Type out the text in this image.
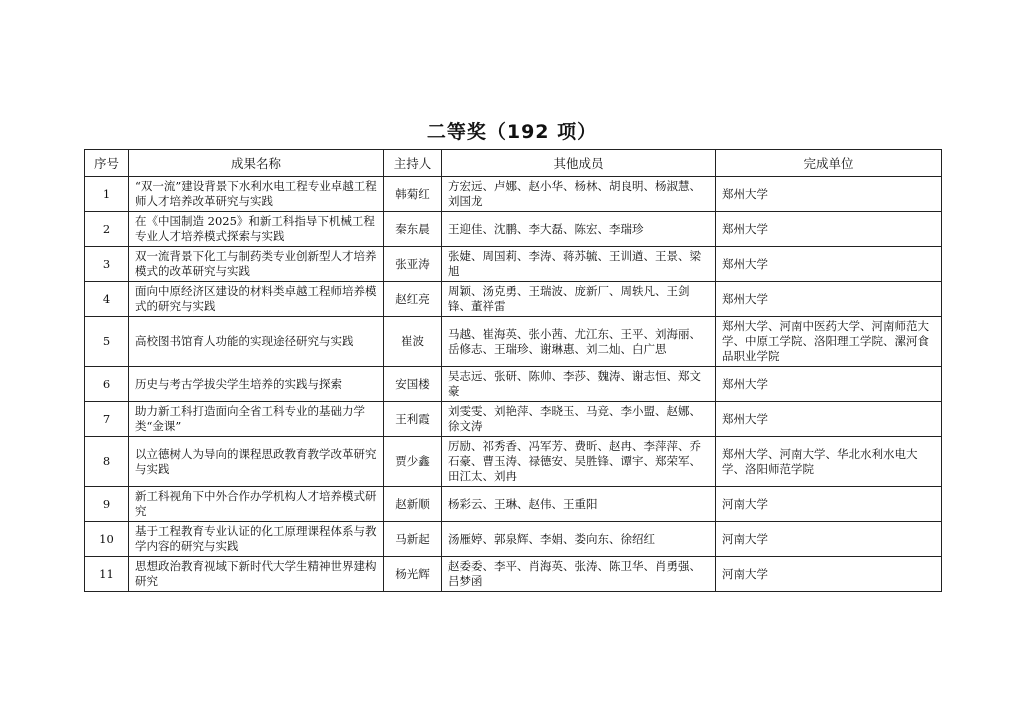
二等奖（192 项）
序号	成果名称	主持人	其他成员	完成单位
1	“双一流”建设背景下水利水电工程专业卓越工程师人才培养改革研究与实践	韩菊红	方宏远、卢娜、赵小华、杨林、胡良明、杨淑慧、刘国龙	郑州大学
2	在《中国制造 2025》和新工科指导下机械工程专业人才培养模式探索与实践	秦东晨	王迎佳、沈鹏、李大磊、陈宏、李瑞珍	郑州大学
3	双一流背景下化工与制药类专业创新型人才培养模式的改革研究与实践	张亚涛	张婕、周国莉、李涛、蒋苏毓、王训遒、王景、梁旭	郑州大学
4	面向中原经济区建设的材料类卓越工程师培养模式的研究与实践	赵红亮	周颖、汤克勇、王瑞波、庞新厂、周轶凡、王剑锋、董祥雷	郑州大学
5	高校图书馆育人功能的实现途径研究与实践	崔波	马越、崔海英、张小茜、尤江东、王平、刘海丽、岳修志、王瑞珍、谢琳惠、刘二灿、白广思	郑州大学、河南中医药大学、河南师范大学、中原工学院、洛阳理工学院、漯河食品职业学院
6	历史与考古学拔尖学生培养的实践与探索	安国楼	吴志远、张研、陈帅、李莎、魏涛、谢志恒、郑文豪	郑州大学
7	助力新工科打造面向全省工科专业的基础力学类“金课”	王利霞	刘雯雯、刘艳萍、李晓玉、马竞、李小盟、赵娜、徐文涛	郑州大学
8	以立德树人为导向的课程思政教育教学改革研究与实践	贾少鑫	厉励、祁秀香、冯军芳、费昕、赵冉、李萍萍、乔石豪、曹玉涛、禄德安、吴胜锋、谭宇、郑荣军、田江太、刘冉	郑州大学、河南大学、华北水利水电大学、洛阳师范学院
9	新工科视角下中外合作办学机构人才培养模式研究	赵新顺	杨彩云、王琳、赵伟、王重阳	河南大学
10	基于工程教育专业认证的化工原理课程体系与教学内容的研究与实践	马新起	汤雁婷、郭泉辉、李娟、娄向东、徐绍红	河南大学
11	思想政治教育视域下新时代大学生精神世界建构研究	杨光辉	赵委委、李平、肖海英、张涛、陈卫华、肖勇强、吕梦函	河南大学
